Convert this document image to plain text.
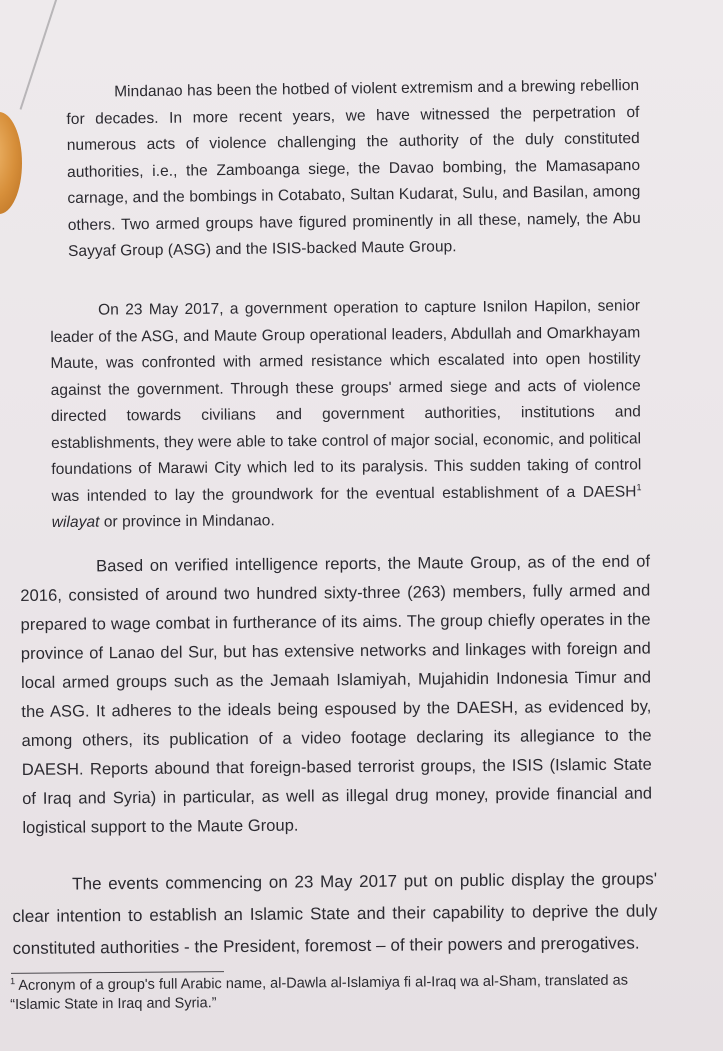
Mindanao has been the hotbed of violent extremism and a brewing rebellion for decades. In more recent years, we have witnessed the perpetration of numerous acts of violence challenging the authority of the duly constituted authorities, i.e., the Zamboanga siege, the Davao bombing, the Mamasapano carnage, and the bombings in Cotabato, Sultan Kudarat, Sulu, and Basilan, among others. Two armed groups have figured prominently in all these, namely, the Abu Sayyaf Group (ASG) and the ISIS-backed Maute Group.

On 23 May 2017, a government operation to capture Isnilon Hapilon, senior leader of the ASG, and Maute Group operational leaders, Abdullah and Omarkhayam Maute, was confronted with armed resistance which escalated into open hostility against the government. Through these groups' armed siege and acts of violence directed towards civilians and government authorities, institutions and establishments, they were able to take control of major social, economic, and political foundations of Marawi City which led to its paralysis. This sudden taking of control was intended to lay the groundwork for the eventual establishment of a DAESH$^1$ wilayat or province in Mindanao.

Based on verified intelligence reports, the Maute Group, as of the end of 2016, consisted of around two hundred sixty-three (263) members, fully armed and prepared to wage combat in furtherance of its aims. The group chiefly operates in the province of Lanao del Sur, but has extensive networks and linkages with foreign and local armed groups such as the Jemaah Islamiyah, Mujahidin Indonesia Timur and the ASG. It adheres to the ideals being espoused by the DAESH, as evidenced by, among others, its publication of a video footage declaring its allegiance to the DAESH. Reports abound that foreign-based terrorist groups, the ISIS (Islamic State of Iraq and Syria) in particular, as well as illegal drug money, provide financial and logistical support to the Maute Group.

The events commencing on 23 May 2017 put on public display the groups' clear intention to establish an Islamic State and their capability to deprive the duly constituted authorities - the President, foremost – of their powers and prerogatives.

$^1$ Acronym of a group's full Arabic name, al-Dawla al-Islamiya fi al-Iraq wa al-Sham, translated as “Islamic State in Iraq and Syria.”
